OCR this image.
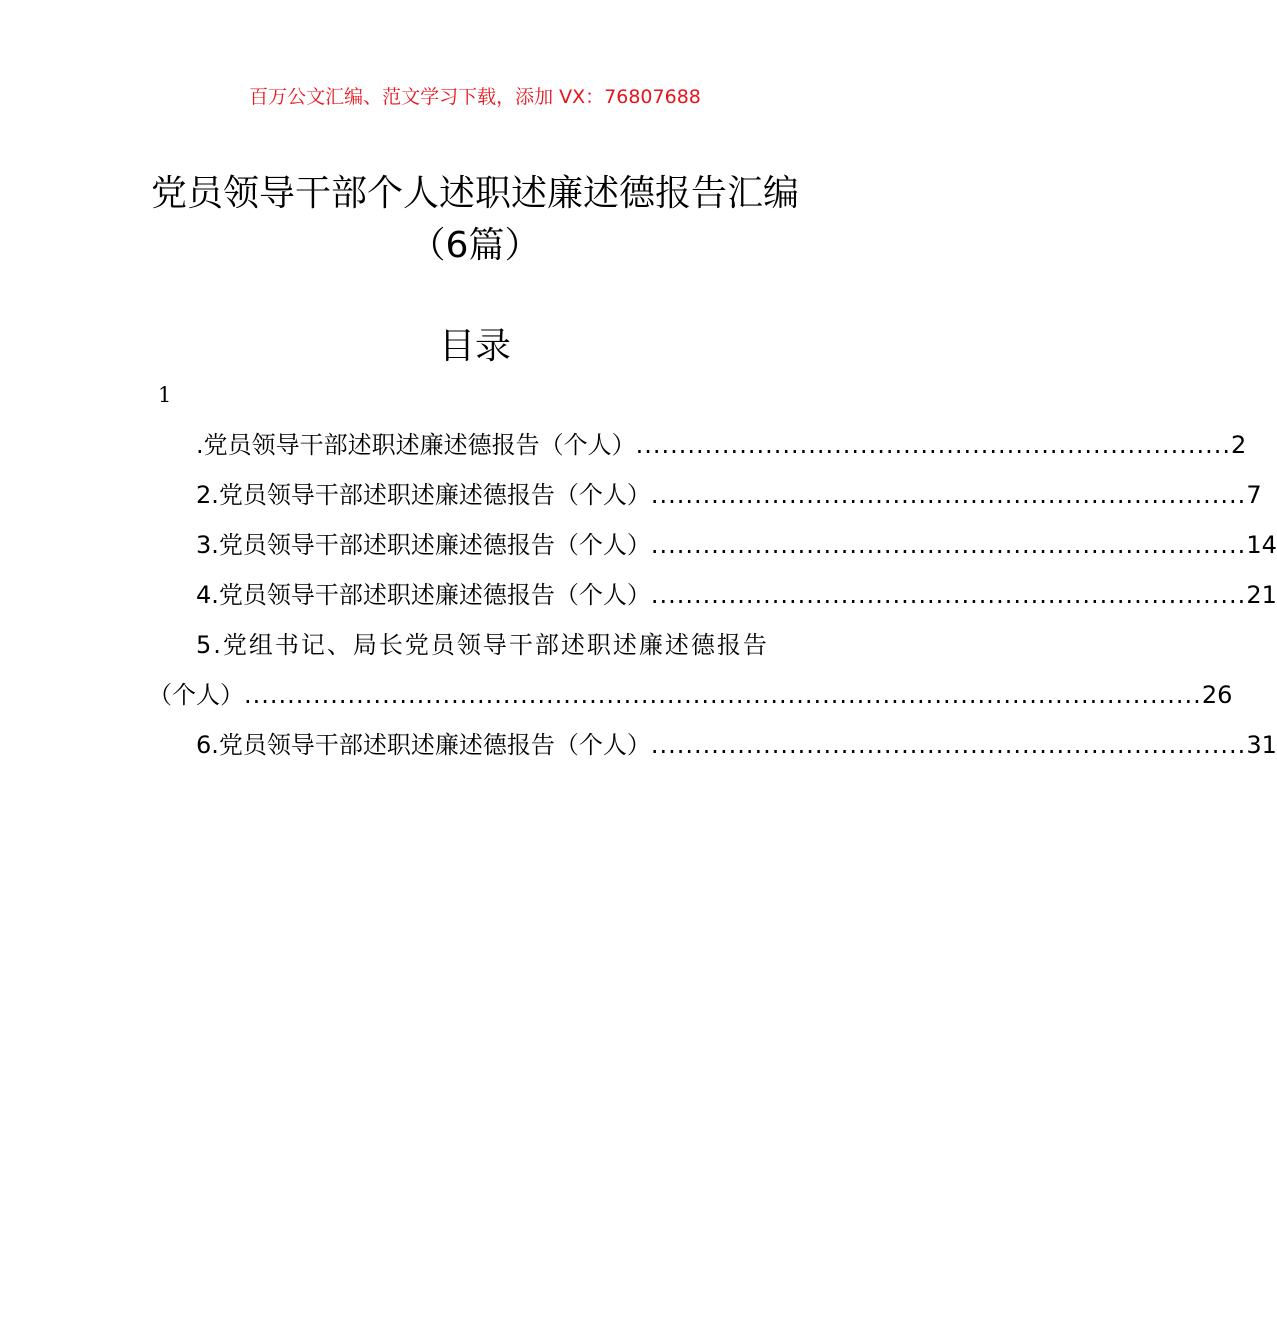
百万公文汇编、范文学习下载，添加 VX：76807688
党员领导干部个人述职述廉述德报告汇编
（6篇）
目录
1
.党员领导干部述职述廉述德报告（个人） ..................................................................... 2
2.党员领导干部述职述廉述德报告（个人） ..................................................................... 7
3.党员领导干部述职述廉述德报告（个人） ..................................................................... 14
4.党员领导干部述职述廉述德报告（个人） ..................................................................... 21
5.党组书记、局长党员领导干部述职述廉述德报告
（个人） ............................................................................................................... 26
6.党员领导干部述职述廉述德报告（个人） ..................................................................... 31
